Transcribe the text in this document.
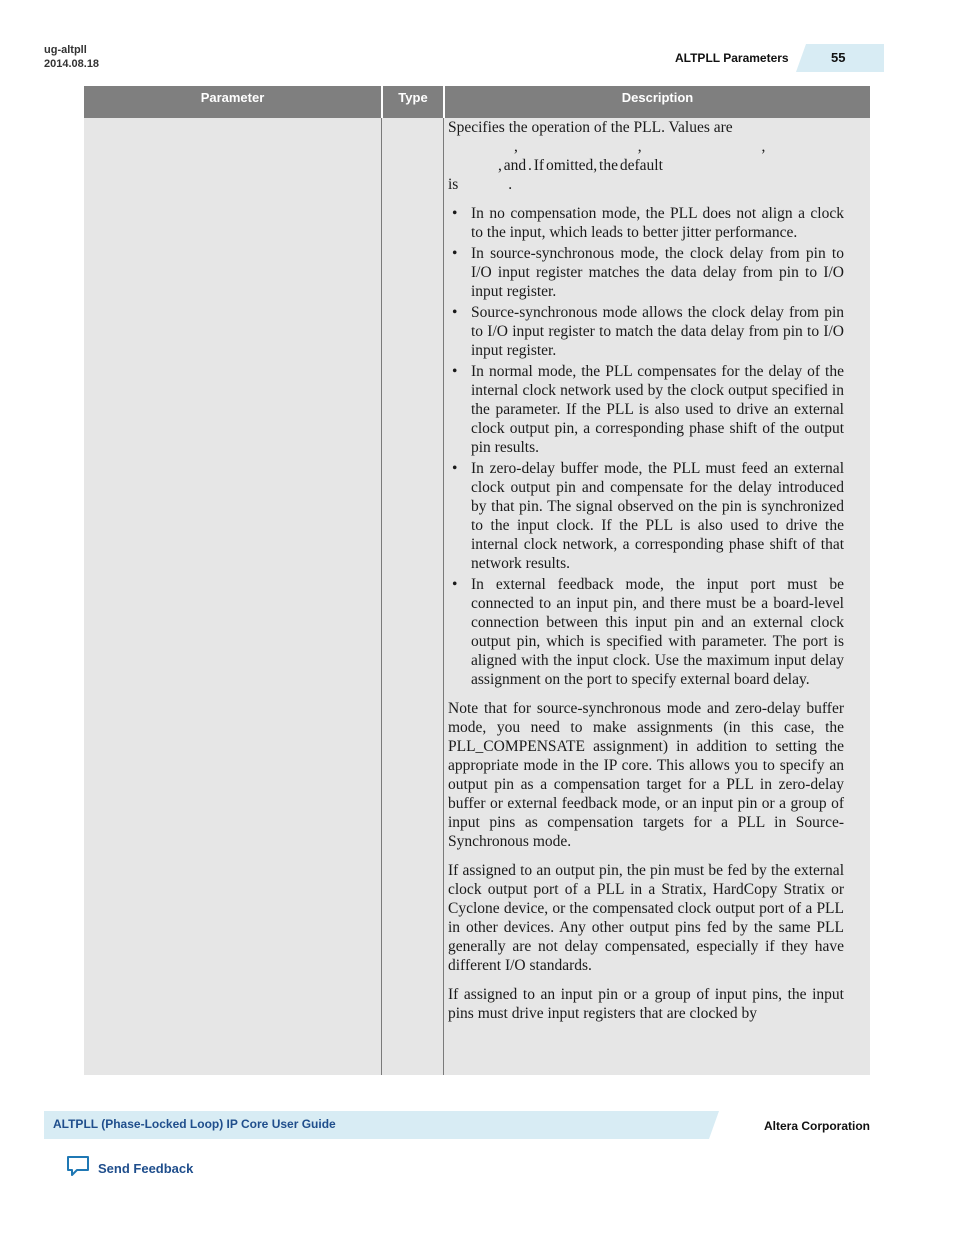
ug-altpll
2014.08.18	ALTPLL Parameters	55
Parameter	Type	Description

Specifies the operation of the PLL. Values are
, , ,
, and . If omitted, the default
is .

• In no compensation mode, the PLL does not align a clock to the input, which leads to better jitter performance.
• In source-synchronous mode, the clock delay from pin to I/O input register matches the data delay from pin to I/O input register.
• Source-synchronous mode allows the clock delay from pin to I/O input register to match the data delay from pin to I/O input register.
• In normal mode, the PLL compensates for the delay of the internal clock network used by the clock output specified in the parameter. If the PLL is also used to drive an external clock output pin, a corresponding phase shift of the output pin results.
• In zero-delay buffer mode, the PLL must feed an external clock output pin and compensate for the delay introduced by that pin. The signal observed on the pin is synchronized to the input clock. If the PLL is also used to drive the internal clock network, a corresponding phase shift of that network results.
• In external feedback mode, the input port must be connected to an input pin, and there must be a board-level connection between this input pin and an external clock output pin, which is specified with parameter. The port is aligned with the input clock. Use the maximum input delay assignment on the port to specify external board delay.

Note that for source-synchronous mode and zero-delay buffer mode, you need to make assignments (in this case, the PLL_COMPENSATE assignment) in addition to setting the appropriate mode in the IP core. This allows you to specify an output pin as a compensation target for a PLL in zero-delay buffer or external feedback mode, or an input pin or a group of input pins as compensation targets for a PLL in Source- Synchronous mode.

If assigned to an output pin, the pin must be fed by the external clock output port of a PLL in a Stratix, HardCopy Stratix or Cyclone device, or the compensated clock output port of a PLL in other devices. Any other output pins fed by the same PLL generally are not delay compensated, especially if they have different I/O standards.

If assigned to an input pin or a group of input pins, the input pins must drive input registers that are clocked by

ALTPLL (Phase-Locked Loop) IP Core User Guide	Altera Corporation
Send Feedback
